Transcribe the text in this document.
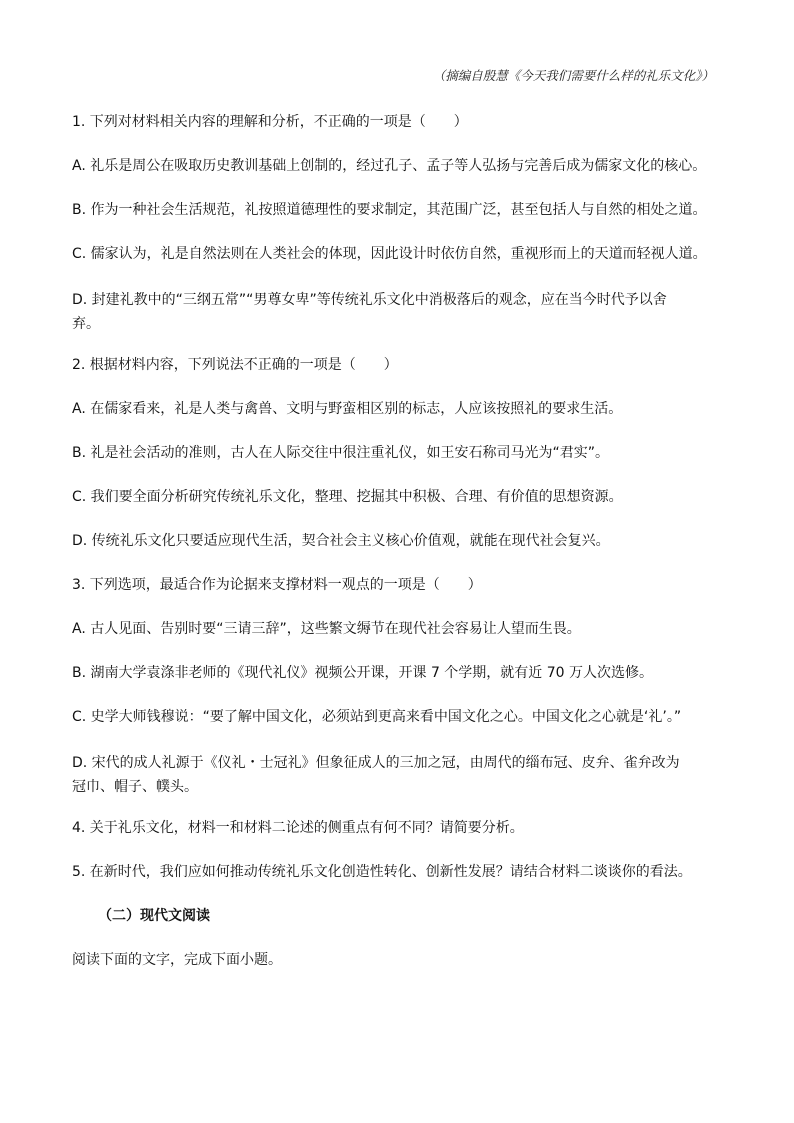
（摘编自殷慧《今天我们需要什么样的礼乐文化》）

1. 下列对材料相关内容的理解和分析，不正确的一项是（　　）

A. 礼乐是周公在吸取历史教训基础上创制的，经过孔子、孟子等人弘扬与完善后成为儒家文化的核心。

B. 作为一种社会生活规范，礼按照道德理性的要求制定，其范围广泛，甚至包括人与自然的相处之道。

C. 儒家认为，礼是自然法则在人类社会的体现，因此设计时依仿自然，重视形而上的天道而轻视人道。

D. 封建礼教中的“三纲五常”“男尊女卑”等传统礼乐文化中消极落后的观念，应在当今时代予以舍弃。

2. 根据材料内容，下列说法不正确的一项是（　　）

A. 在儒家看来，礼是人类与禽兽、文明与野蛮相区别的标志，人应该按照礼的要求生活。

B. 礼是社会活动的准则，古人在人际交往中很注重礼仪，如王安石称司马光为“君实”。

C. 我们要全面分析研究传统礼乐文化，整理、挖掘其中积极、合理、有价值的思想资源。

D. 传统礼乐文化只要适应现代生活，契合社会主义核心价值观，就能在现代社会复兴。

3. 下列选项，最适合作为论据来支撑材料一观点的一项是（　　）

A. 古人见面、告别时要“三请三辞”，这些繁文缛节在现代社会容易让人望而生畏。

B. 湖南大学袁涤非老师的《现代礼仪》视频公开课，开课 7 个学期，就有近 70 万人次选修。

C. 史学大师钱穆说：“要了解中国文化，必须站到更高来看中国文化之心。中国文化之心就是‘礼’。”

D. 宋代的成人礼源于《仪礼・士冠礼》但象征成人的三加之冠，由周代的缁布冠、皮弁、雀弁改为冠巾、帽子、幞头。

4. 关于礼乐文化，材料一和材料二论述的侧重点有何不同？请简要分析。

5. 在新时代，我们应如何推动传统礼乐文化创造性转化、创新性发展？请结合材料二谈谈你的看法。

（二）现代文阅读

阅读下面的文字，完成下面小题。
